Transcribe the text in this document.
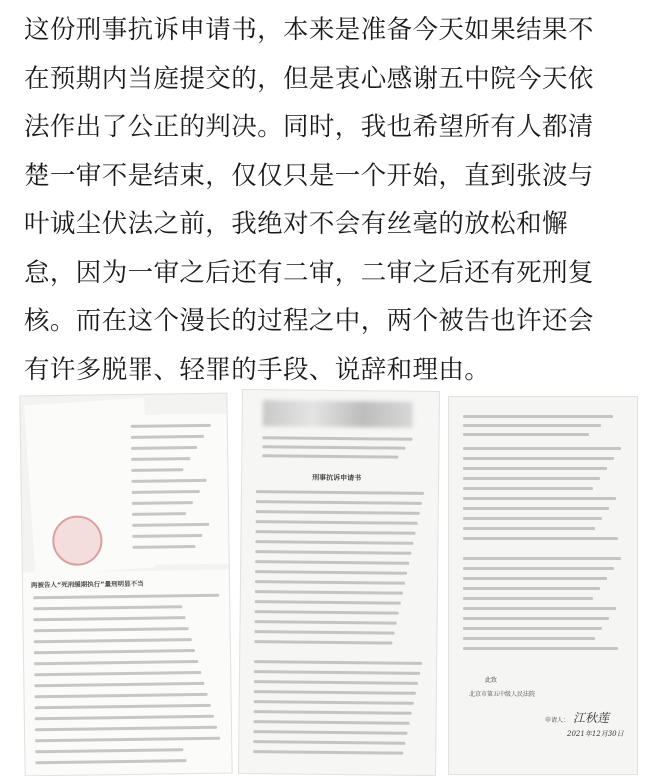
这份刑事抗诉申请书，本来是准备今天如果结果不
在预期内当庭提交的，但是衷心感谢五中院今天依
法作出了公正的判决。同时，我也希望所有人都清
楚一审不是结束，仅仅只是一个开始，直到张波与
叶诚尘伏法之前，我绝对不会有丝毫的放松和懈
怠，因为一审之后还有二审，二审之后还有死刑复
核。而在这个漫长的过程之中，两个被告也许还会
有许多脱罪、轻罪的手段、说辞和理由。
两被告人“死刑缓期执行”量刑明显不当
刑事抗诉申请书
此致
北京市第五中级人民法院
申请人： 江秋莲
2021年12月30日
